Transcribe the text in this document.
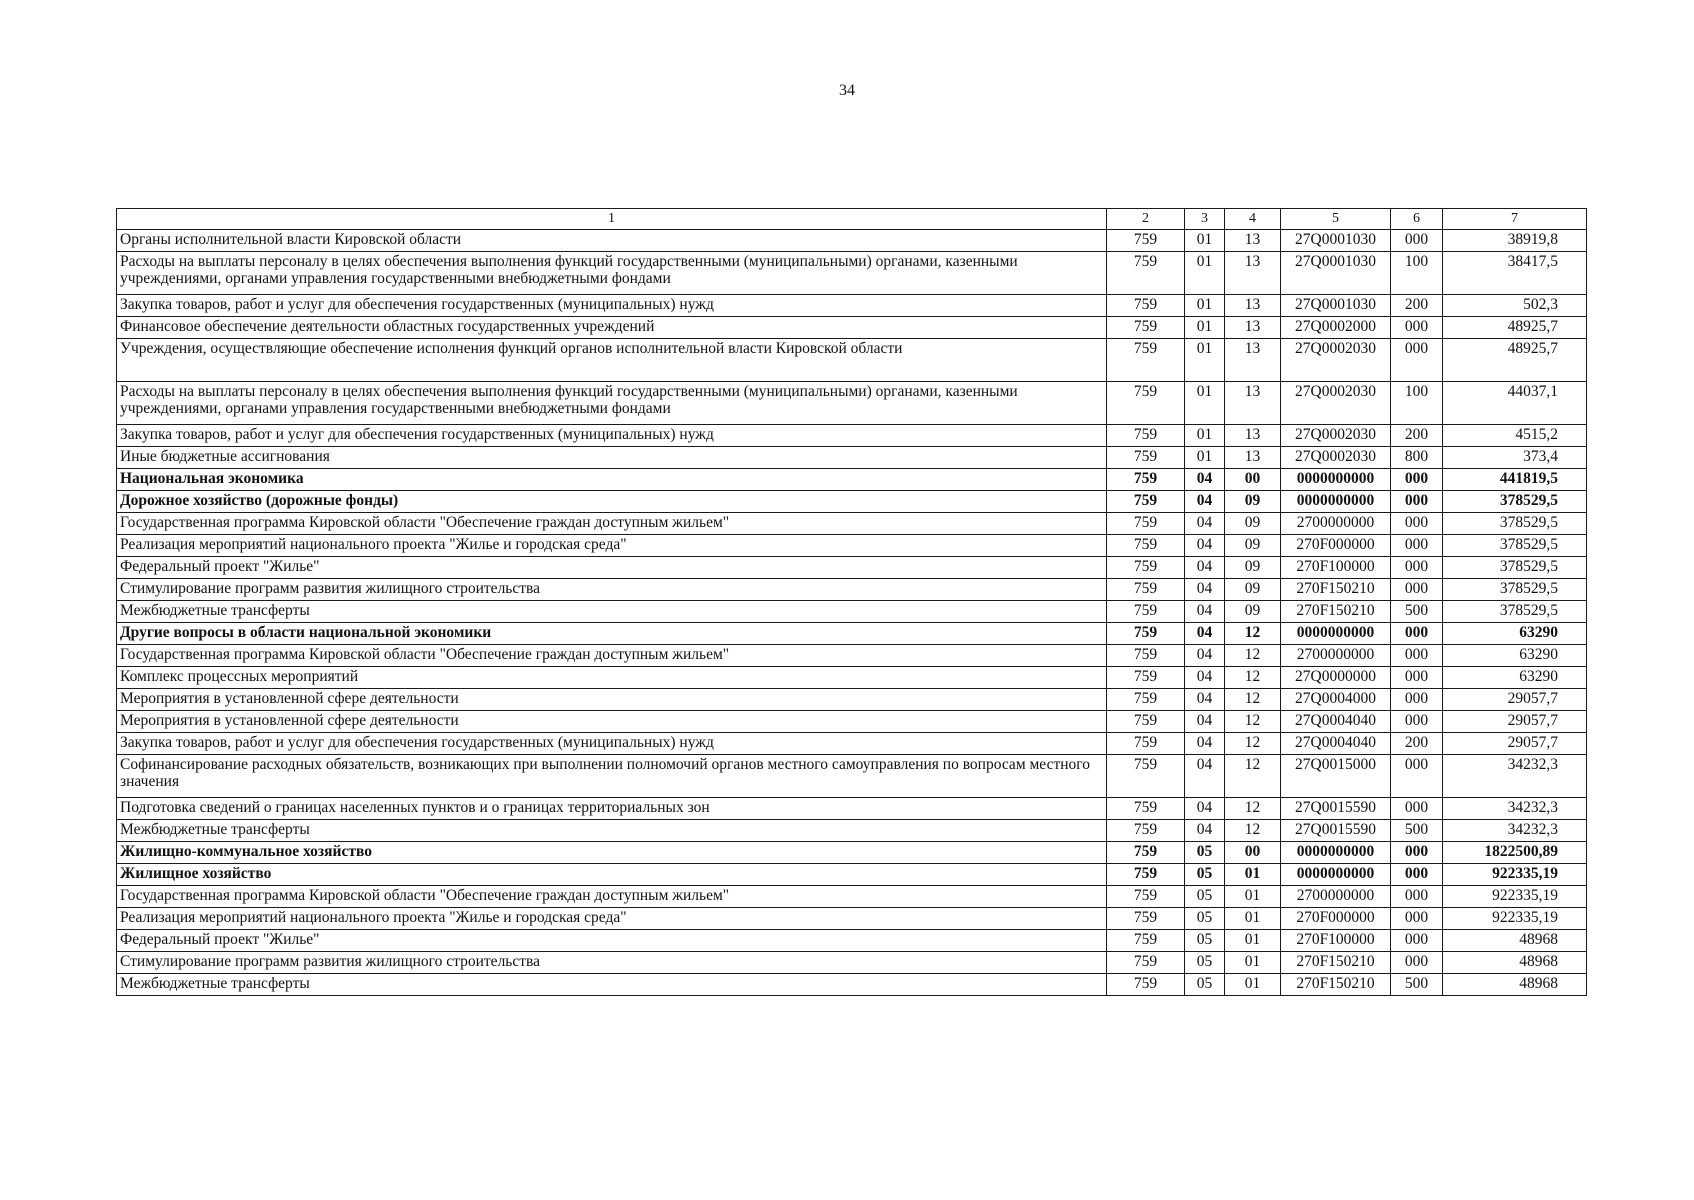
34
1	2	3	4	5	6	7
Органы исполнительной власти Кировской области	759	01	13	27Q0001030	000	38919,8
Расходы на выплаты персоналу в целях обеспечения выполнения функций государственными (муниципальными) органами, казенными учреждениями, органами управления государственными внебюджетными фондами	759	01	13	27Q0001030	100	38417,5
Закупка товаров, работ и услуг для обеспечения государственных (муниципальных) нужд	759	01	13	27Q0001030	200	502,3
Финансовое обеспечение деятельности областных государственных учреждений	759	01	13	27Q0002000	000	48925,7
Учреждения, осуществляющие обеспечение исполнения функций органов исполнительной власти Кировской области	759	01	13	27Q0002030	000	48925,7
Расходы на выплаты персоналу в целях обеспечения выполнения функций государственными (муниципальными) органами, казенными учреждениями, органами управления государственными внебюджетными фондами	759	01	13	27Q0002030	100	44037,1
Закупка товаров, работ и услуг для обеспечения государственных (муниципальных) нужд	759	01	13	27Q0002030	200	4515,2
Иные бюджетные ассигнования	759	01	13	27Q0002030	800	373,4
Национальная экономика	759	04	00	0000000000	000	441819,5
Дорожное хозяйство (дорожные фонды)	759	04	09	0000000000	000	378529,5
Государственная программа Кировской области "Обеспечение граждан доступным жильем"	759	04	09	2700000000	000	378529,5
Реализация мероприятий национального проекта "Жилье и городская среда"	759	04	09	270F000000	000	378529,5
Федеральный проект "Жилье"	759	04	09	270F100000	000	378529,5
Стимулирование программ развития жилищного строительства	759	04	09	270F150210	000	378529,5
Межбюджетные трансферты	759	04	09	270F150210	500	378529,5
Другие вопросы в области национальной экономики	759	04	12	0000000000	000	63290
Государственная программа Кировской области "Обеспечение граждан доступным жильем"	759	04	12	2700000000	000	63290
Комплекс процессных мероприятий	759	04	12	27Q0000000	000	63290
Мероприятия в установленной сфере деятельности	759	04	12	27Q0004000	000	29057,7
Мероприятия в установленной сфере деятельности	759	04	12	27Q0004040	000	29057,7
Закупка товаров, работ и услуг для обеспечения государственных (муниципальных) нужд	759	04	12	27Q0004040	200	29057,7
Софинансирование расходных обязательств, возникающих при выполнении полномочий органов местного самоуправления по вопросам местного значения	759	04	12	27Q0015000	000	34232,3
Подготовка сведений о границах населенных пунктов и о границах территориальных зон	759	04	12	27Q0015590	000	34232,3
Межбюджетные трансферты	759	04	12	27Q0015590	500	34232,3
Жилищно-коммунальное хозяйство	759	05	00	0000000000	000	1822500,89
Жилищное хозяйство	759	05	01	0000000000	000	922335,19
Государственная программа Кировской области "Обеспечение граждан доступным жильем"	759	05	01	2700000000	000	922335,19
Реализация мероприятий национального проекта "Жилье и городская среда"	759	05	01	270F000000	000	922335,19
Федеральный проект "Жилье"	759	05	01	270F100000	000	48968
Стимулирование программ развития жилищного строительства	759	05	01	270F150210	000	48968
Межбюджетные трансферты	759	05	01	270F150210	500	48968
